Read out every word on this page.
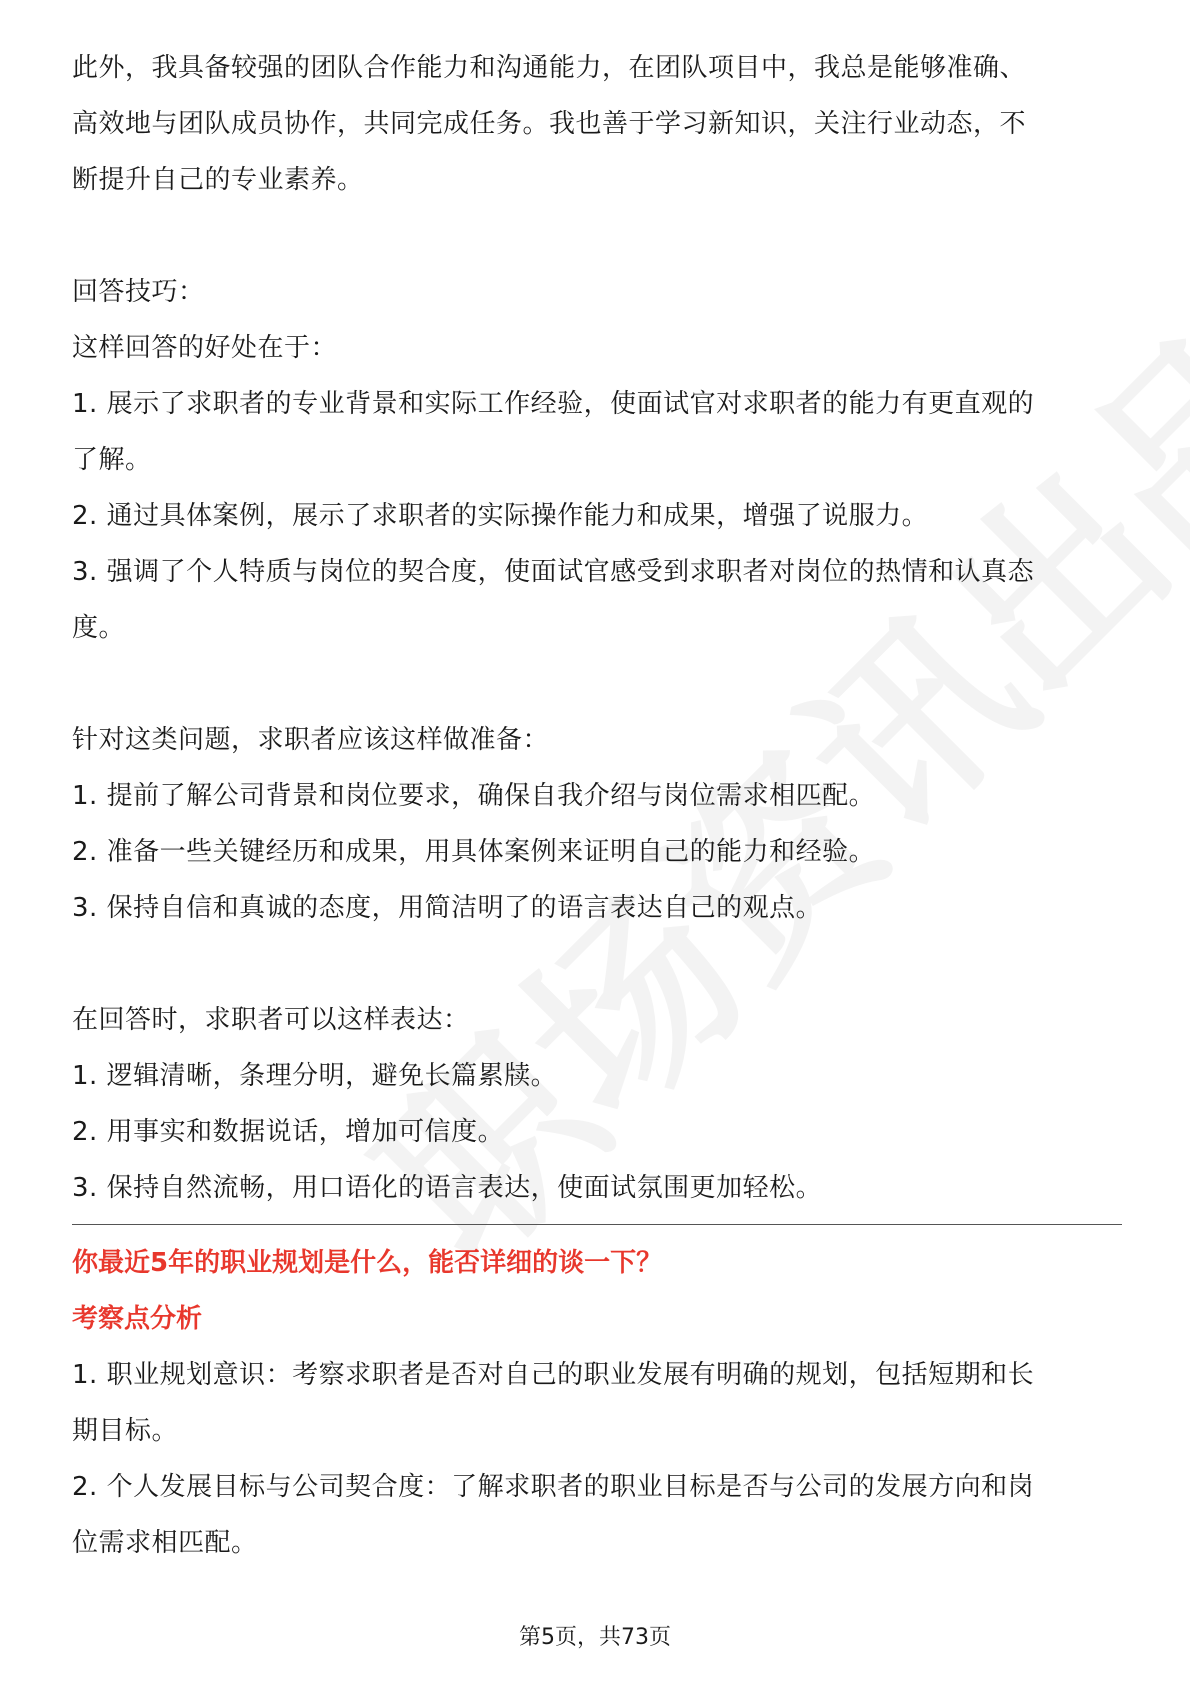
此外，我具备较强的团队合作能力和沟通能力，在团队项目中，我总是能够准确、

高效地与团队成员协作，共同完成任务。我也善于学习新知识，关注行业动态，不

断提升自己的专业素养。

回答技巧：

这样回答的好处在于：

1. 展示了求职者的专业背景和实际工作经验，使面试官对求职者的能力有更直观的

了解。

2. 通过具体案例，展示了求职者的实际操作能力和成果，增强了说服力。

3. 强调了个人特质与岗位的契合度，使面试官感受到求职者对岗位的热情和认真态

度。

针对这类问题，求职者应该这样做准备：

1. 提前了解公司背景和岗位要求，确保自我介绍与岗位需求相匹配。

2. 准备一些关键经历和成果，用具体案例来证明自己的能力和经验。

3. 保持自信和真诚的态度，用简洁明了的语言表达自己的观点。

在回答时，求职者可以这样表达：

1. 逻辑清晰，条理分明，避免长篇累牍。

2. 用事实和数据说话，增加可信度。

3. 保持自然流畅，用口语化的语言表达，使面试氛围更加轻松。

你最近5年的职业规划是什么，能否详细的谈一下？

考察点分析

1. 职业规划意识：考察求职者是否对自己的职业发展有明确的规划，包括短期和长

期目标。

2. 个人发展目标与公司契合度：了解求职者的职业目标是否与公司的发展方向和岗

位需求相匹配。

第5页，共73页
